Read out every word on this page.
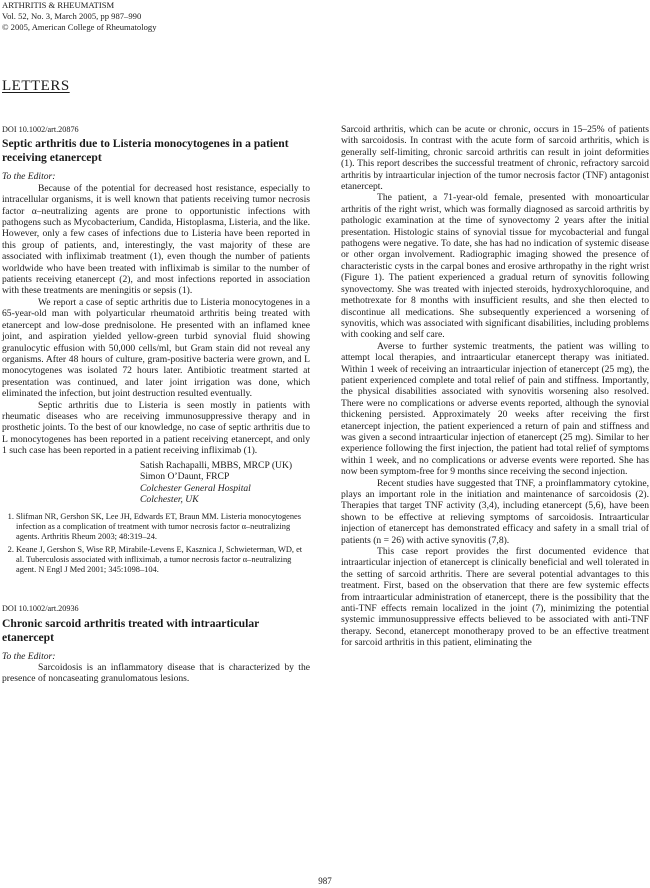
ARTHRITIS & RHEUMATISM
Vol. 52, No. 3, March 2005, pp 987–990
© 2005, American College of Rheumatology
LETTERS
DOI 10.1002/art.20876
Septic arthritis due to Listeria monocytogenes in a patient receiving etanercept
To the Editor:

Because of the potential for decreased host resistance, especially to intracellular organisms, it is well known that patients receiving tumor necrosis factor α–neutralizing agents are prone to opportunistic infections with pathogens such as Mycobacterium, Candida, Histoplasma, Listeria, and the like. However, only a few cases of infections due to Listeria have been reported in this group of patients, and, interestingly, the vast majority of these are associated with infliximab treatment (1), even though the number of patients worldwide who have been treated with infliximab is similar to the number of patients receiving etanercept (2), and most infections reported in association with these treatments are meningitis or sepsis (1).

We report a case of septic arthritis due to Listeria monocytogenes in a 65-year-old man with polyarticular rheumatoid arthritis being treated with etanercept and low-dose prednisolone. He presented with an inflamed knee joint, and aspiration yielded yellow-green turbid synovial fluid showing granulocytic effusion with 50,000 cells/ml, but Gram stain did not reveal any organisms. After 48 hours of culture, gram-positive bacteria were grown, and L monocytogenes was isolated 72 hours later. Antibiotic treatment started at presentation was continued, and later joint irrigation was done, which eliminated the infection, but joint destruction resulted eventually.

Septic arthritis due to Listeria is seen mostly in patients with rheumatic diseases who are receiving immunosuppressive therapy and in prosthetic joints. To the best of our knowledge, no case of septic arthritis due to L monocytogenes has been reported in a patient receiving etanercept, and only 1 such case has been reported in a patient receiving infliximab (1).

Satish Rachapalli, MBBS, MRCP (UK)
Simon O’Daunt, FRCP
Colchester General Hospital
Colchester, UK
1. Slifman NR, Gershon SK, Lee JH, Edwards ET, Braun MM. Listeria monocytogenes infection as a complication of treatment with tumor necrosis factor α–neutralizing agents. Arthritis Rheum 2003; 48:319–24.
2. Keane J, Gershon S, Wise RP, Mirabile-Levens E, Kasznica J, Schwieterman, WD, et al. Tuberculosis associated with infliximab, a tumor necrosis factor α–neutralizing agent. N Engl J Med 2001; 345:1098–104.
DOI 10.1002/art.20936
Chronic sarcoid arthritis treated with intraarticular etanercept
To the Editor:

Sarcoidosis is an inflammatory disease that is characterized by the presence of noncaseating granulomatous lesions.

Sarcoid arthritis, which can be acute or chronic, occurs in 15–25% of patients with sarcoidosis. In contrast with the acute form of sarcoid arthritis, which is generally self-limiting, chronic sarcoid arthritis can result in joint deformities (1). This report describes the successful treatment of chronic, refractory sarcoid arthritis by intraarticular injection of the tumor necrosis factor (TNF) antagonist etanercept.

The patient, a 71-year-old female, presented with monoarticular arthritis of the right wrist, which was formally diagnosed as sarcoid arthritis by pathologic examination at the time of synovectomy 2 years after the initial presentation. Histologic stains of synovial tissue for mycobacterial and fungal pathogens were negative. To date, she has had no indication of systemic disease or other organ involvement. Radiographic imaging showed the presence of characteristic cysts in the carpal bones and erosive arthropathy in the right wrist (Figure 1). The patient experienced a gradual return of synovitis following synovectomy. She was treated with injected steroids, hydroxychloroquine, and methotrexate for 8 months with insufficient results, and she then elected to discontinue all medications. She subsequently experienced a worsening of synovitis, which was associated with significant disabilities, including problems with cooking and self care.

Averse to further systemic treatments, the patient was willing to attempt local therapies, and intraarticular etanercept therapy was initiated. Within 1 week of receiving an intraarticular injection of etanercept (25 mg), the patient experienced complete and total relief of pain and stiffness. Importantly, the physical disabilities associated with synovitis worsening also resolved. There were no complications or adverse events reported, although the synovial thickening persisted. Approximately 20 weeks after receiving the first etanercept injection, the patient experienced a return of pain and stiffness and was given a second intraarticular injection of etanercept (25 mg). Similar to her experience following the first injection, the patient had total relief of symptoms within 1 week, and no complications or adverse events were reported. She has now been symptom-free for 9 months since receiving the second injection.

Recent studies have suggested that TNF, a proinflammatory cytokine, plays an important role in the initiation and maintenance of sarcoidosis (2). Therapies that target TNF activity (3,4), including etanercept (5,6), have been shown to be effective at relieving symptoms of sarcoidosis. Intraarticular injection of etanercept has demonstrated efficacy and safety in a small trial of patients (n = 26) with active synovitis (7,8).

This case report provides the first documented evidence that intraarticular injection of etanercept is clinically beneficial and well tolerated in the setting of sarcoid arthritis. There are several potential advantages to this treatment. First, based on the observation that there are few systemic effects from intraarticular administration of etanercept, there is the possibility that the anti-TNF effects remain localized in the joint (7), minimizing the potential systemic immunosuppressive effects believed to be associated with anti-TNF therapy. Second, etanercept monotherapy proved to be an effective treatment for sarcoid arthritis in this patient, eliminating the

987
